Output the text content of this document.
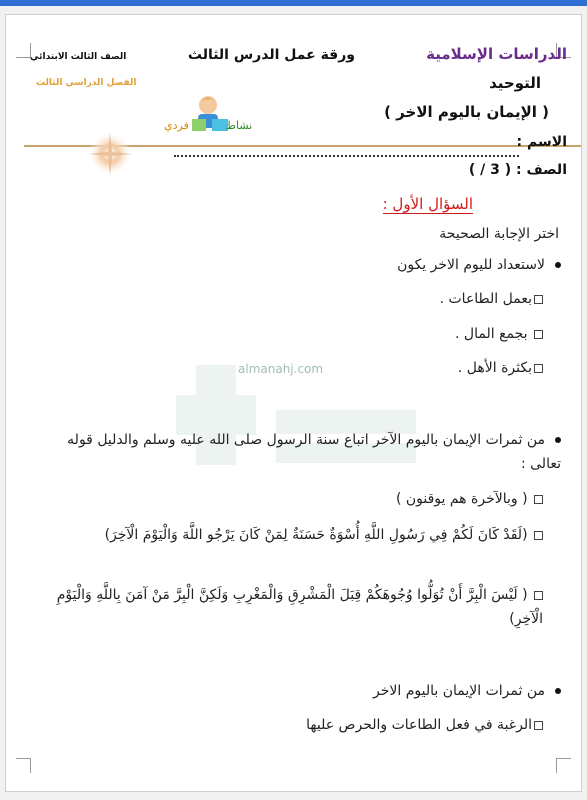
almanahj.com
الدراسات الإسلامية
ورقة عمل الدرس الثالث
الصف الثالث الابتدائي
الفصل الدراسي الثالث	التوحيد
( الإيمان باليوم الاخر )
نشاط  فردي
الاسم :
الصف : ( 3 / )
السؤال الأول :
اختر الإجابة الصحيحة
لاستعداد لليوم الاخر يكون
بعمل الطاعات .
بجمع المال .
بكثرة الأهل .
من ثمرات الإيمان باليوم الآخر اتباع سنة الرسول صلى الله عليه وسلم والدليل قوله تعالى :
( وبالآخرة هم يوقنون )
(لَقَدْ كَانَ لَكُمْ فِي رَسُولِ اللَّهِ أُسْوَةٌ حَسَنَةٌ لِمَنْ كَانَ يَرْجُو اللَّهَ وَالْيَوْمَ الْآخِرَ)
( لَيْسَ الْبِرَّ أَنْ تُوَلُّوا وُجُوهَكُمْ قِبَلَ الْمَشْرِقِ وَالْمَغْرِبِ وَلَكِنَّ الْبِرَّ مَنْ آمَنَ بِاللَّهِ وَالْيَوْمِ الْآخِرِ)
من ثمرات الإيمان باليوم الاخر
الرغبة في فعل الطاعات والحرص عليها
